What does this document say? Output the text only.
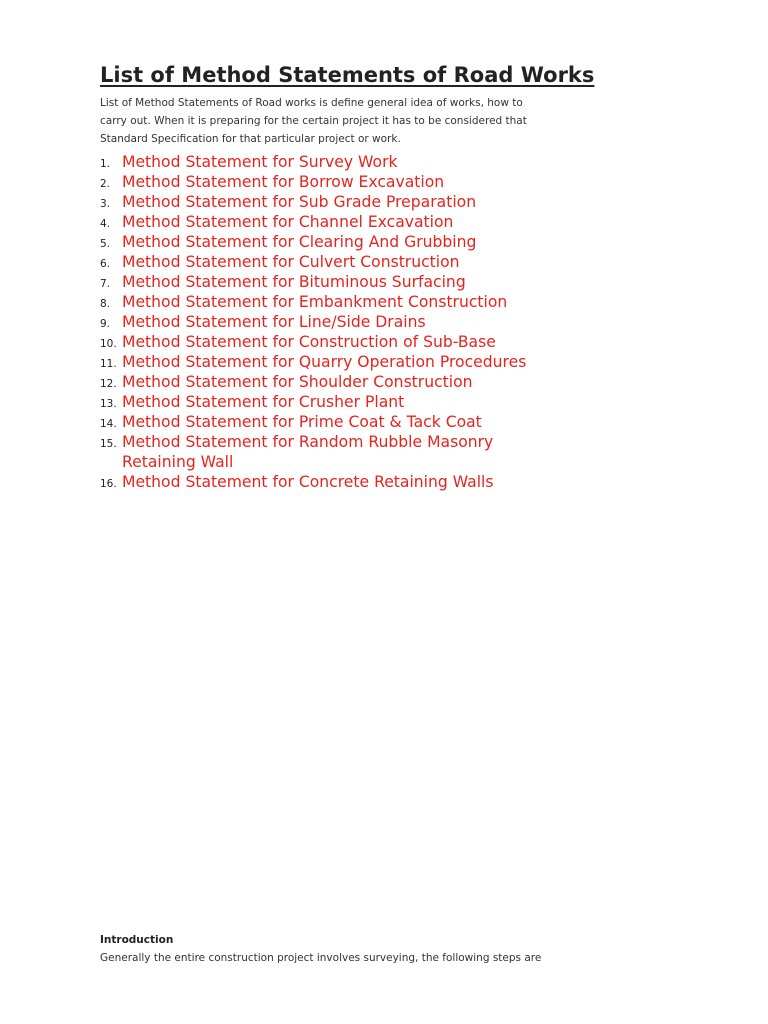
List of Method Statements of Road Works

List of Method Statements of Road works is define general idea of works, how to carry out. When it is preparing for the certain project it has to be considered that Standard Specification for that particular project or work.

1. Method Statement for Survey Work
2. Method Statement for Borrow Excavation
3. Method Statement for Sub Grade Preparation
4. Method Statement for Channel Excavation
5. Method Statement for Clearing And Grubbing
6. Method Statement for Culvert Construction
7. Method Statement for Bituminous Surfacing
8. Method Statement for Embankment Construction
9. Method Statement for Line/Side Drains
10. Method Statement for Construction of Sub-Base
11. Method Statement for Quarry Operation Procedures
12. Method Statement for Shoulder Construction
13. Method Statement for Crusher Plant
14. Method Statement for Prime Coat & Tack Coat
15. Method Statement for Random Rubble Masonry Retaining Wall
16. Method Statement for Concrete Retaining Walls

Introduction

Generally the entire construction project involves surveying, the following steps are
